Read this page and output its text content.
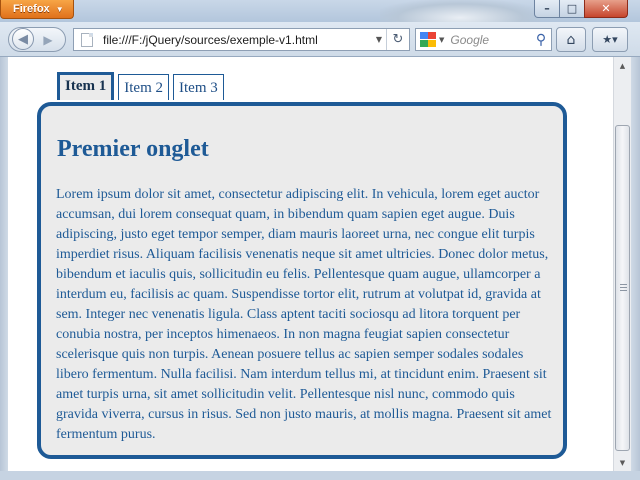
Firefox ▼	– □ ✕
◀ ▶	file:///F:/jQuery/sources/exemple-v1.html	▼ ↻	▼ Google	⚲	⌂ ★▾
Item 1	Item 2	Item 3
Premier onglet

Lorem ipsum dolor sit amet, consectetur adipiscing elit. In vehicula, lorem eget auctor accumsan, dui lorem consequat quam, in bibendum quam sapien eget augue. Duis adipiscing, justo eget tempor semper, diam mauris laoreet urna, nec congue elit turpis imperdiet risus. Aliquam facilisis venenatis neque sit amet ultricies. Donec dolor metus, bibendum et iaculis quis, sollicitudin eu felis. Pellentesque quam augue, ullamcorper a interdum eu, facilisis ac quam. Suspendisse tortor elit, rutrum at volutpat id, gravida at sem. Integer nec venenatis ligula. Class aptent taciti sociosqu ad litora torquent per conubia nostra, per inceptos himenaeos. In non magna feugiat sapien consectetur scelerisque quis non turpis. Aenean posuere tellus ac sapien semper sodales sodales libero fermentum. Nulla facilisi. Nam interdum tellus mi, at tincidunt enim. Praesent sit amet turpis urna, sit amet sollicitudin velit. Pellentesque nisl nunc, commodo quis gravida viverra, cursus in risus. Sed non justo mauris, at mollis magna. Praesent sit amet fermentum purus.

▲
▼
